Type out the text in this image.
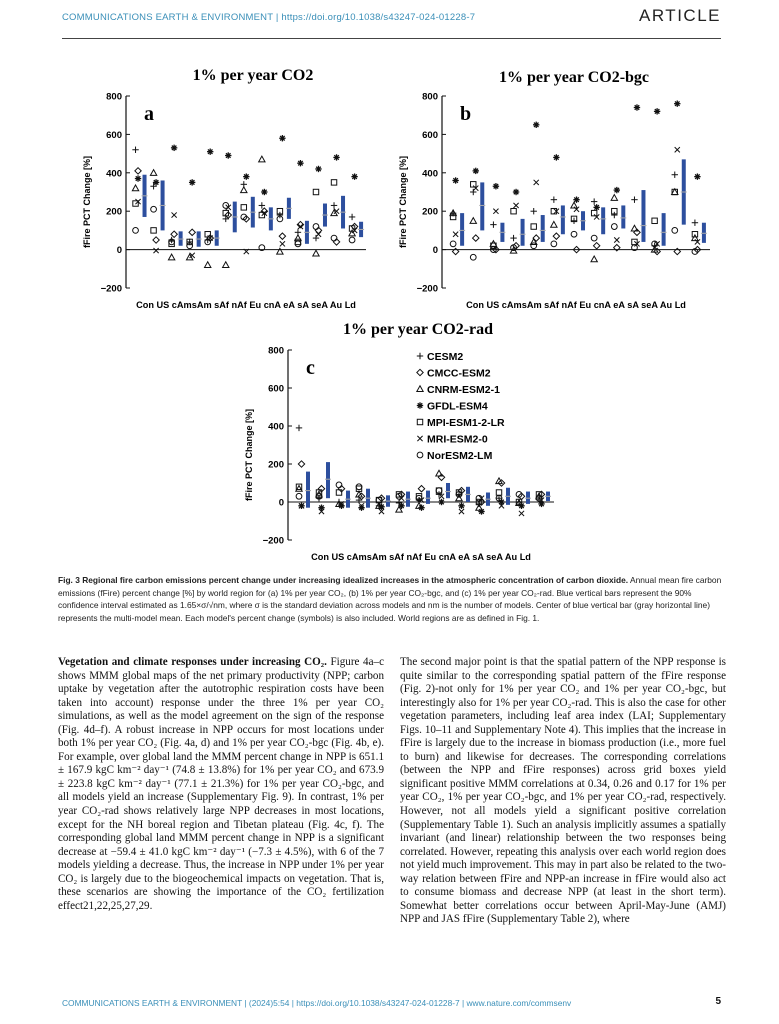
COMMUNICATIONS EARTH & ENVIRONMENT | https://doi.org/10.1038/s43247-024-01228-7	ARTICLE
1% per year CO2
−200
0
200
400
600
800
fFire PCT Change [%]
a
Con US cAmsAm sAf nAf Eu cnA eA sA seA Au Ld
1% per year CO2-bgc
−200
0
200
400
600
800
fFire PCT Change [%]
b
Con US cAmsAm sAf nAf Eu cnA eA sA seA Au Ld
1% per year CO2-rad
−200
0
200
400
600
800
fFire PCT Change [%]
c
Con US cAmsAm sAf nAf Eu cnA eA sA seA Au Ld
CESM2
CMCC-ESM2
CNRM-ESM2-1
GFDL-ESM4
MPI-ESM1-2-LR
MRI-ESM2-0
NorESM2-LM
Fig. 3 Regional fire carbon emissions percent change under increasing idealized increases in the atmospheric concentration of carbon dioxide. Annual mean fire carbon emissions (fFire) percent change [%] by world region for (a) 1% per year CO₂, (b) 1% per year CO₂-bgc, and (c) 1% per year CO₂-rad. Blue vertical bars represent the 90% confidence interval estimated as 1.65×σ/√nm, where σ is the standard deviation across models and nm is the number of models. Center of blue vertical bar (gray horizontal line) represents the multi-model mean. Each model's percent change (symbols) is also included. World regions are as defined in Fig. 1.

Vegetation and climate responses under increasing CO₂. Figure 4a–c shows MMM global maps of the net primary productivity (NPP; carbon uptake by vegetation after the autotrophic respiration costs have been taken into account) response under the three 1% per year CO₂ simulations, as well as the model agreement on the sign of the response (Fig. 4d–f). A robust increase in NPP occurs for most locations under both 1% per year CO₂ (Fig. 4a, d) and 1% per year CO₂-bgc (Fig. 4b, e). For example, over global land the MMM percent change in NPP is 651.1 ± 167.9 kgC km⁻² day⁻¹ (74.8 ± 13.8%) for 1% per year CO₂ and 673.9 ± 223.8 kgC km⁻² day⁻¹ (77.1 ± 21.3%) for 1% per year CO₂-bgc, and all models yield an increase (Supplementary Fig. 9). In contrast, 1% per year CO₂-rad shows relatively large NPP decreases in most locations, except for the NH boreal region and Tibetan plateau (Fig. 4c, f). The corresponding global land MMM percent change in NPP is a significant decrease at −59.4 ± 41.0 kgC km⁻² day⁻¹ (−7.3 ± 4.5%), with 6 of the 7 models yielding a decrease. Thus, the increase in NPP under 1% per year CO₂ is largely due to the biogeochemical impacts on vegetation. That is, these scenarios are showing the importance of the CO₂ fertilization effect21,22,25,27,29.

The second major point is that the spatial pattern of the NPP response is quite similar to the corresponding spatial pattern of the fFire response (Fig. 2)-not only for 1% per year CO₂ and 1% per year CO₂-bgc, but interestingly also for 1% per year CO₂-rad. This is also the case for other vegetation parameters, including leaf area index (LAI; Supplementary Figs. 10–11 and Supplementary Note 4). This implies that the increase in fFire is largely due to the increase in biomass production (i.e., more fuel to burn) and likewise for decreases. The corresponding correlations (between the NPP and fFire responses) across grid boxes yield significant positive MMM correlations at 0.34, 0.26 and 0.17 for 1% per year CO₂, 1% per year CO₂-bgc, and 1% per year CO₂-rad, respectively. However, not all models yield a significant positive correlation (Supplementary Table 1). Such an analysis implicitly assumes a spatially invariant (and linear) relationship between the two responses being correlated. However, repeating this analysis over each world region does not yield much improvement. This may in part also be related to the two-way relation between fFire and NPP-an increase in fFire would also act to consume biomass and decrease NPP (at least in the short term). Somewhat better correlations occur between April-May-June (AMJ) NPP and JAS fFire (Supplementary Table 2), where

COMMUNICATIONS EARTH & ENVIRONMENT | (2024)5:54 | https://doi.org/10.1038/s43247-024-01228-7 | www.nature.com/commsenv	5
